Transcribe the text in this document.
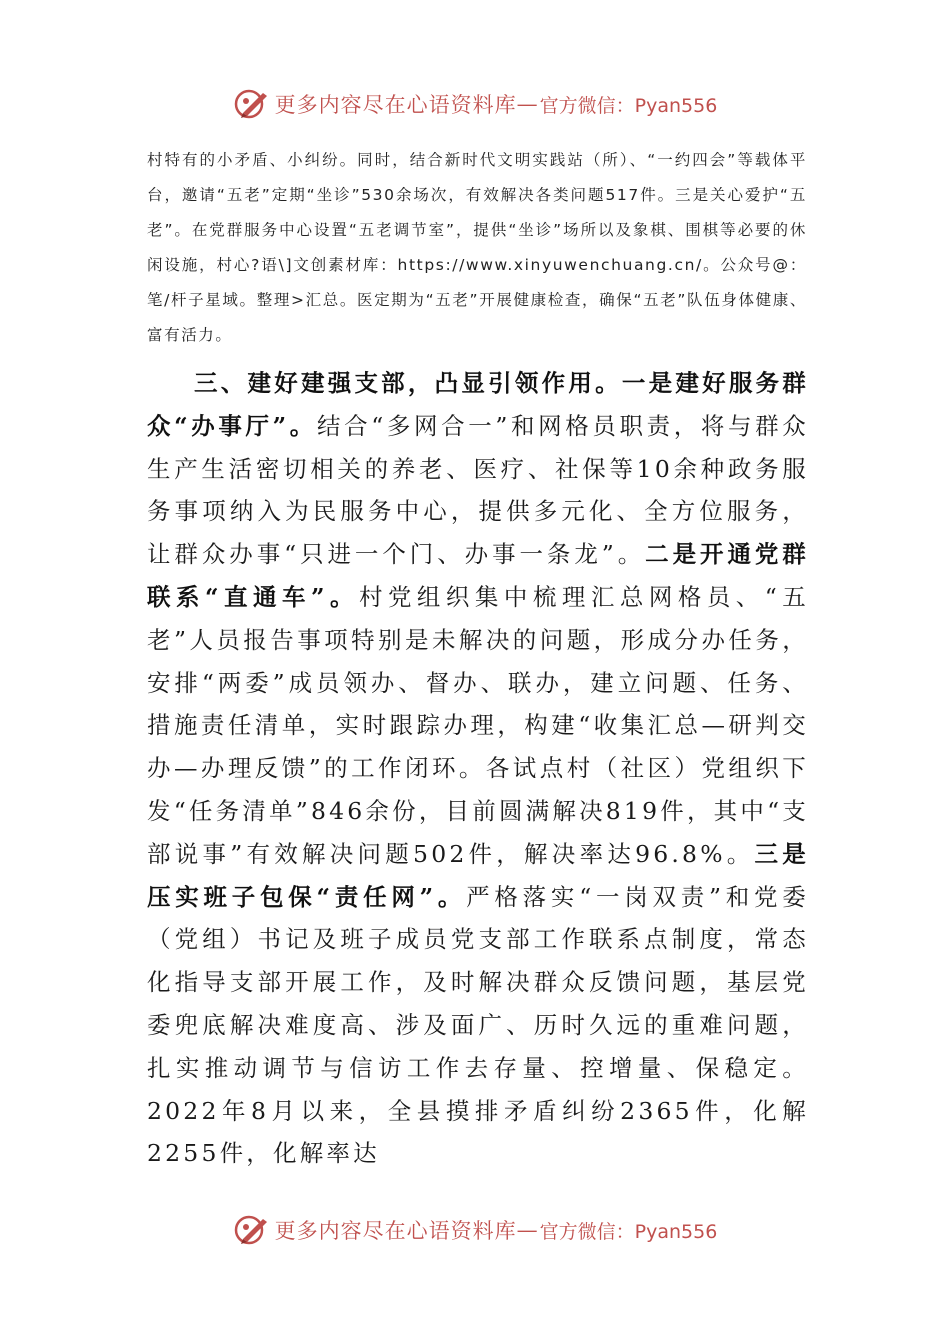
更多内容尽在心语资料库 — 官方微信：Pyan556
村特有的小矛盾、小纠纷。同时，结合新时代文明实践站（所）、“一约四会”等载体平台，邀请“五老”定期“坐诊”530余场次，有效解决各类问题517件。三是关心爱护“五老”。在党群服务中心设置“五老调节室”，提供“坐诊”场所以及象棋、围棋等必要的休闲设施，村心?语\]文创素材库：https://www.xinyuwenchuang.cn/。公众号@：笔/杆子星域。整理>汇总。医定期为“五老”开展健康检查，确保“五老”队伍身体健康、富有活力。
三、建好建强支部，凸显引领作用。一是建好服务群众“办事厅”。结合“多网合一”和网格员职责，将与群众生产生活密切相关的养老、医疗、社保等10余种政务服务事项纳入为民服务中心，提供多元化、全方位服务，让群众办事“只进一个门、办事一条龙”。二是开通党群联系“直通车”。村党组织集中梳理汇总网格员、“五老”人员报告事项特别是未解决的问题，形成分办任务，安排“两委”成员领办、督办、联办，建立问题、任务、措施责任清单，实时跟踪办理，构建“收集汇总—研判交办—办理反馈”的工作闭环。各试点村（社区）党组织下发“任务清单”846余份，目前圆满解决819件，其中“支部说事”有效解决问题502件，解决率达96.8%。三是压实班子包保“责任网”。严格落实“一岗双责”和党委（党组）书记及班子成员党支部工作联系点制度，常态化指导支部开展工作，及时解决群众反馈问题，基层党委兜底解决难度高、涉及面广、历时久远的重难问题，扎实推动调节与信访工作去存量、控增量、保稳定。2022年8月以来，全县摸排矛盾纠纷2365件，化解2255件，化解率达
更多内容尽在心语资料库 — 官方微信：Pyan556
